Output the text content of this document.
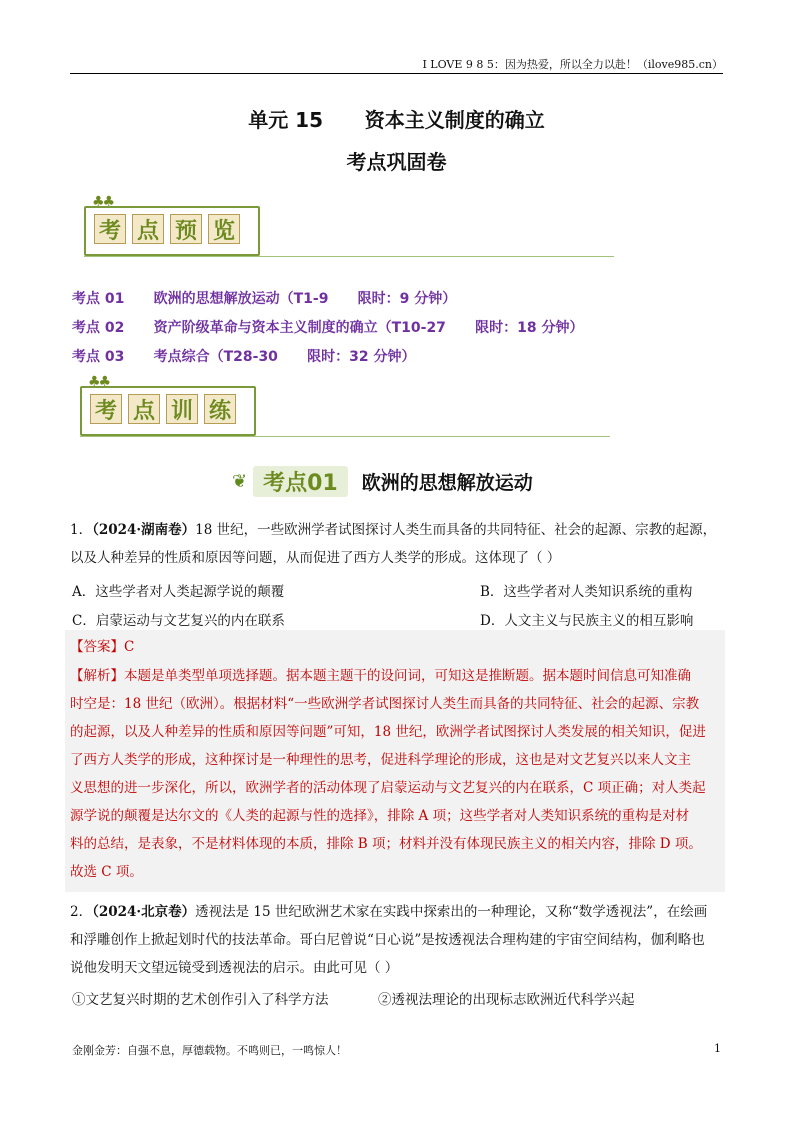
I LOVE 9 8 5：因为热爱，所以全力以赴！（ilove985.cn）
单元 15      资本主义制度的确立
考点巩固卷
♣♣
考 点 预 览
考点 01      欧洲的思想解放运动（T1-9      限时：9 分钟）
考点 02      资产阶级革命与资本主义制度的确立（T10-27      限时：18 分钟）
考点 03      考点综合（T28-30      限时：32 分钟）
♣♣
考 点 训 练
❦ 考点01	欧洲的思想解放运动
1．（2024·湖南卷）18 世纪，一些欧洲学者试图探讨人类生而具备的共同特征、社会的起源、宗教的起源，
以及人种差异的性质和原因等问题，从而促进了西方人类学的形成。这体现了（ ）
A．这些学者对人类起源学说的颠覆	B．这些学者对人类知识系统的重构
C．启蒙运动与文艺复兴的内在联系	D．人文主义与民族主义的相互影响
【答案】C
【解析】本题是单类型单项选择题。据本题主题干的设问词，可知这是推断题。据本题时间信息可知准确
时空是：18 世纪（欧洲）。根据材料“一些欧洲学者试图探讨人类生而具备的共同特征、社会的起源、宗教
的起源，以及人种差异的性质和原因等问题”可知，18 世纪，欧洲学者试图探讨人类发展的相关知识，促进
了西方人类学的形成，这种探讨是一种理性的思考，促进科学理论的形成，这也是对文艺复兴以来人文主
义思想的进一步深化，所以，欧洲学者的活动体现了启蒙运动与文艺复兴的内在联系，C 项正确；对人类起
源学说的颠覆是达尔文的《人类的起源与性的选择》，排除 A 项；这些学者对人类知识系统的重构是对材
料的总结，是表象，不是材料体现的本质，排除 B 项；材料并没有体现民族主义的相关内容，排除 D 项。
故选 C 项。
2．（2024·北京卷）透视法是 15 世纪欧洲艺术家在实践中探索出的一种理论，又称“数学透视法”，在绘画
和浮雕创作上掀起划时代的技法革命。哥白尼曾说“日心说”是按透视法合理构建的宇宙空间结构，伽利略也
说他发明天文望远镜受到透视法的启示。由此可见（ ）
①文艺复兴时期的艺术创作引入了科学方法	②透视法理论的出现标志欧洲近代科学兴起
金刚金芳：自强不息，厚德载物。不鸣则已，一鸣惊人！	1
